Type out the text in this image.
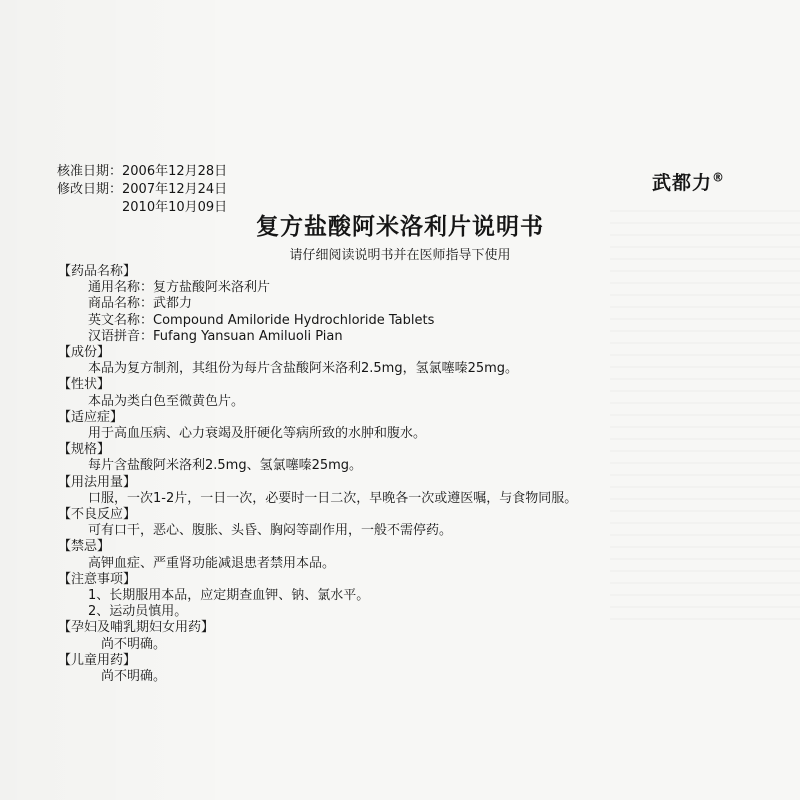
核准日期：2006年12月28日
修改日期：2007年12月24日
2010年10月09日
武都力®
复方盐酸阿米洛利片说明书
请仔细阅读说明书并在医师指导下使用
【药品名称】
通用名称：复方盐酸阿米洛利片
商品名称：武都力
英文名称：Compound Amiloride Hydrochloride Tablets
汉语拼音：Fufang Yansuan Amiluoli Pian
【成份】
本品为复方制剂，其组份为每片含盐酸阿米洛利2.5mg，氢氯噻嗪25mg。
【性状】
本品为类白色至微黄色片。
【适应症】
用于高血压病、心力衰竭及肝硬化等病所致的水肿和腹水。
【规格】
每片含盐酸阿米洛利2.5mg、氢氯噻嗪25mg。
【用法用量】
口服，一次1-2片，一日一次，必要时一日二次，早晚各一次或遵医嘱，与食物同服。
【不良反应】
可有口干，恶心、腹胀、头昏、胸闷等副作用，一般不需停药。
【禁忌】
高钾血症、严重肾功能减退患者禁用本品。
【注意事项】
1、长期服用本品，应定期查血钾、钠、氯水平。
2、运动员慎用。
【孕妇及哺乳期妇女用药】
尚不明确。
【儿童用药】
尚不明确。
